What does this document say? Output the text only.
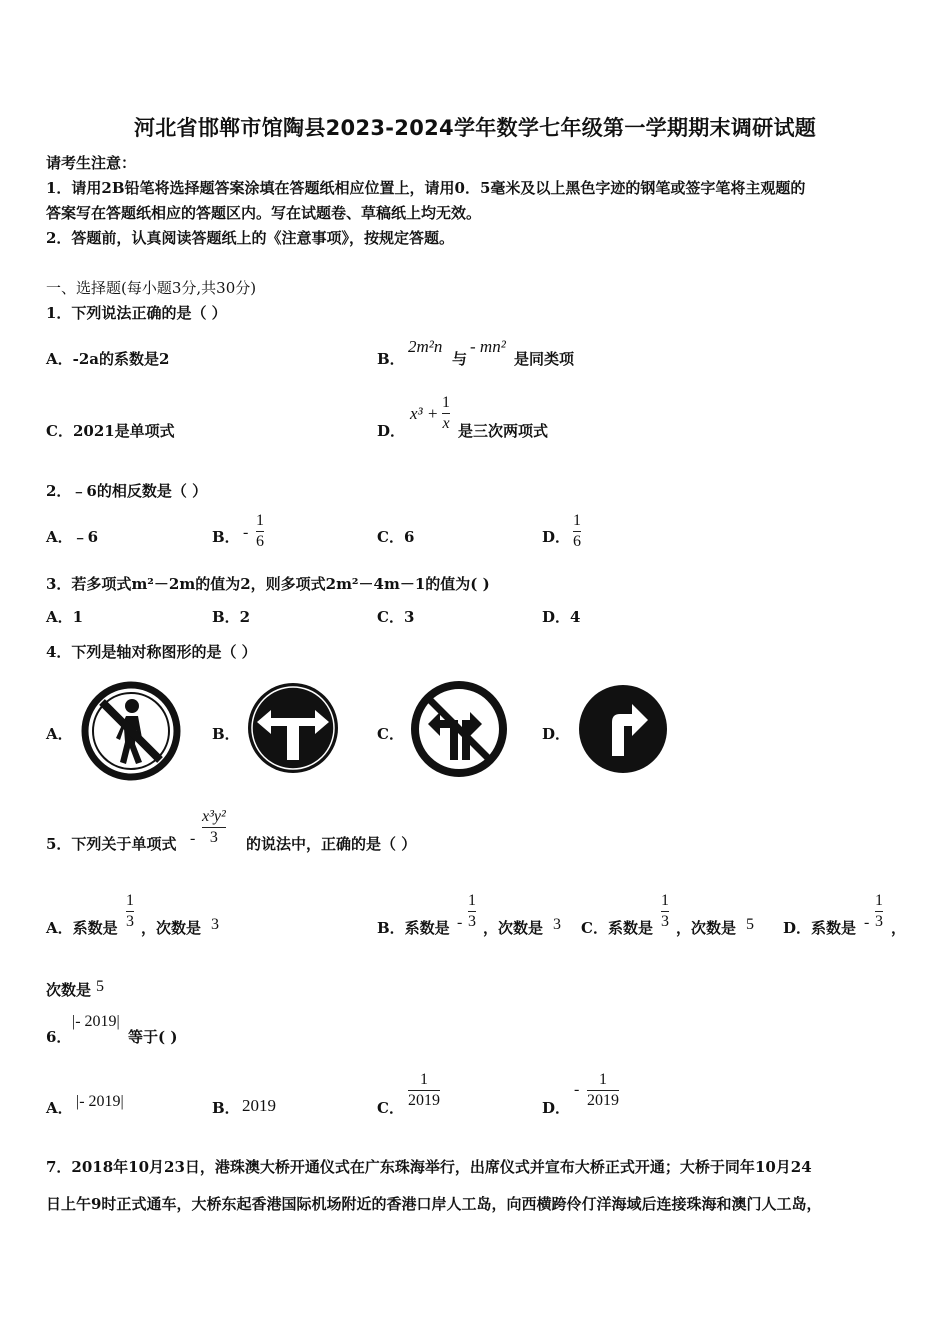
河北省邯郸市馆陶县2023-2024学年数学七年级第一学期期末调研试题
请考生注意：
1．请用2B铅笔将选择题答案涂填在答题纸相应位置上，请用0．5毫米及以上黑色字迹的钢笔或签字笔将主观题的
答案写在答题纸相应的答题区内。写在试题卷、草稿纸上均无效。
2．答题前，认真阅读答题纸上的《注意事项》，按规定答题。
一、选择题(每小题3分,共30分)
1．下列说法正确的是（ ）
A．-2a的系数是2	B．
2m²n
与
- mn²
是同类项
C．2021是单项式	D．
$x^3 + \frac{1}{x}$ 是三次两项式
2．﹣6的相反数是（ ）
A．﹣6	B． - $\frac{1}{6}$	C．6	D． $\frac{1}{6}$
3．若多项式m²－2m的值为2，则多项式2m²－4m－1的值为( )
A．1	B．2	C．3	D．4
4．下列是轴对称图形的是（ ）
A．	B．	C．	D．
5．下列关于单项式 - $\frac{\text{x³y²}}{3}$ 的说法中，正确的是（ ）
A．系数是 $\frac{1}{3}$ ，次数是 3	B．系数是 - $\frac{1}{3}$ ，次数是 3 C．系数是 $\frac{1}{3}$ ，次数是 5 D．系数是 - $\frac{1}{3}$ ，
次数是 5
6．
|- 2019|
等于( )
A． |- 2019|	B． 2019	C． $\frac{1}{2019}$	D．
- $\frac{1}{2019}$
7．2018年10月23日，港珠澳大桥开通仪式在广东珠海举行，出席仪式并宣布大桥正式开通；大桥于同年10月24
日上午9时正式通车，大桥东起香港国际机场附近的香港口岸人工岛，向西横跨伶仃洋海域后连接珠海和澳门人工岛，
